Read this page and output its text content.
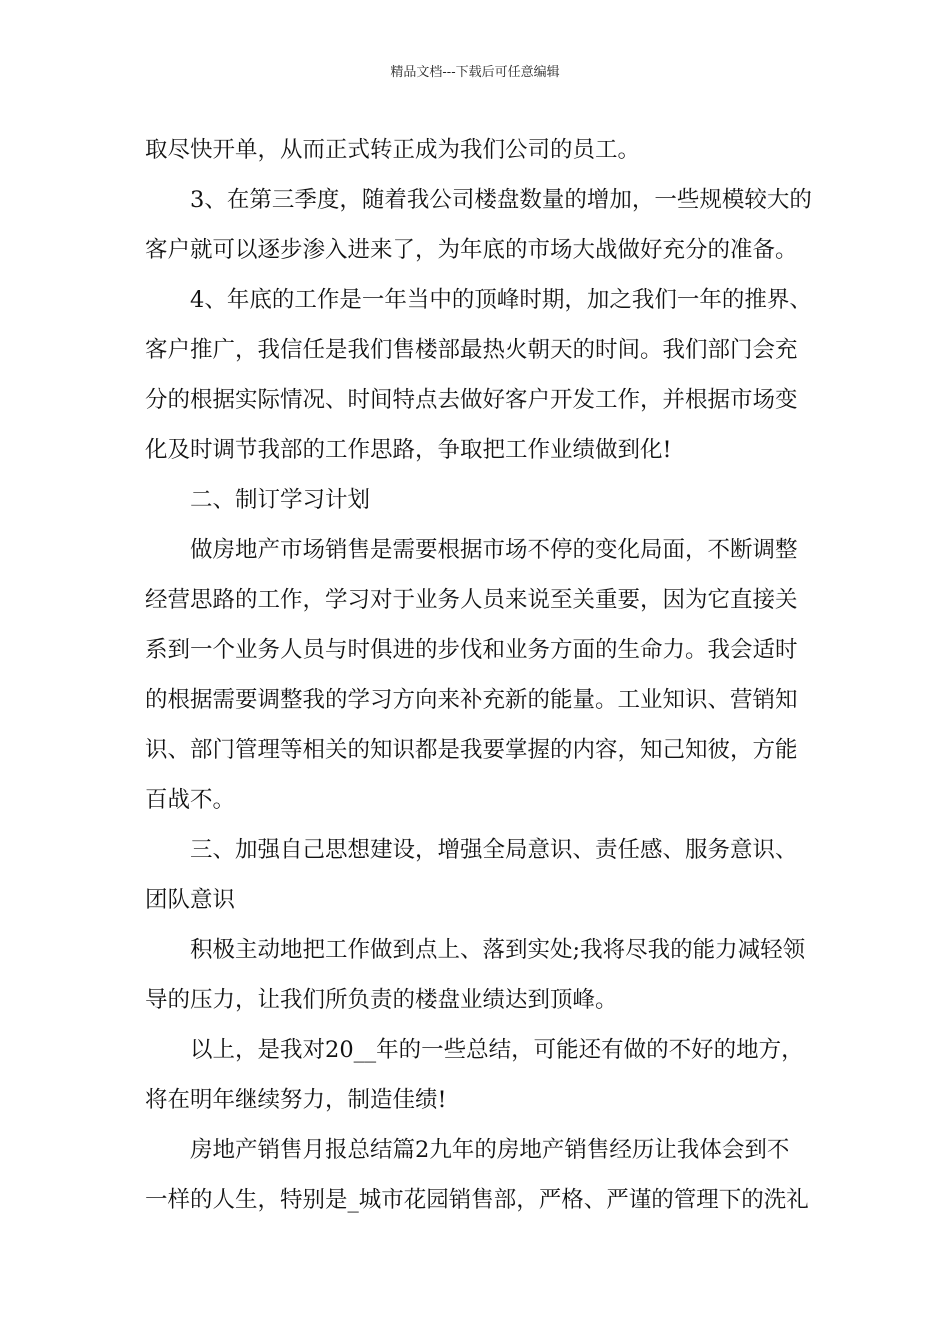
精品文档---下载后可任意编辑
取尽快开单，从而正式转正成为我们公司的员工。
3、在第三季度，随着我公司楼盘数量的增加，一些规模较大的
客户就可以逐步渗入进来了，为年底的市场大战做好充分的准备。
4、年底的工作是一年当中的顶峰时期，加之我们一年的推界、
客户推广，我信任是我们售楼部最热火朝天的时间。我们部门会充
分的根据实际情况、时间特点去做好客户开发工作，并根据市场变
化及时调节我部的工作思路，争取把工作业绩做到化!
二、制订学习计划
做房地产市场销售是需要根据市场不停的变化局面，不断调整
经营思路的工作，学习对于业务人员来说至关重要，因为它直接关
系到一个业务人员与时俱进的步伐和业务方面的生命力。我会适时
的根据需要调整我的学习方向来补充新的能量。工业知识、营销知
识、部门管理等相关的知识都是我要掌握的内容，知己知彼，方能
百战不。
三、加强自己思想建设，增强全局意识、责任感、服务意识、
团队意识
积极主动地把工作做到点上、落到实处;我将尽我的能力减轻领
导的压力，让我们所负责的楼盘业绩达到顶峰。
以上，是我对20__年的一些总结，可能还有做的不好的地方，
将在明年继续努力，制造佳绩!
房地产销售月报总结篇2九年的房地产销售经历让我体会到不
一样的人生，特别是_城市花园销售部，严格、严谨的管理下的洗礼
